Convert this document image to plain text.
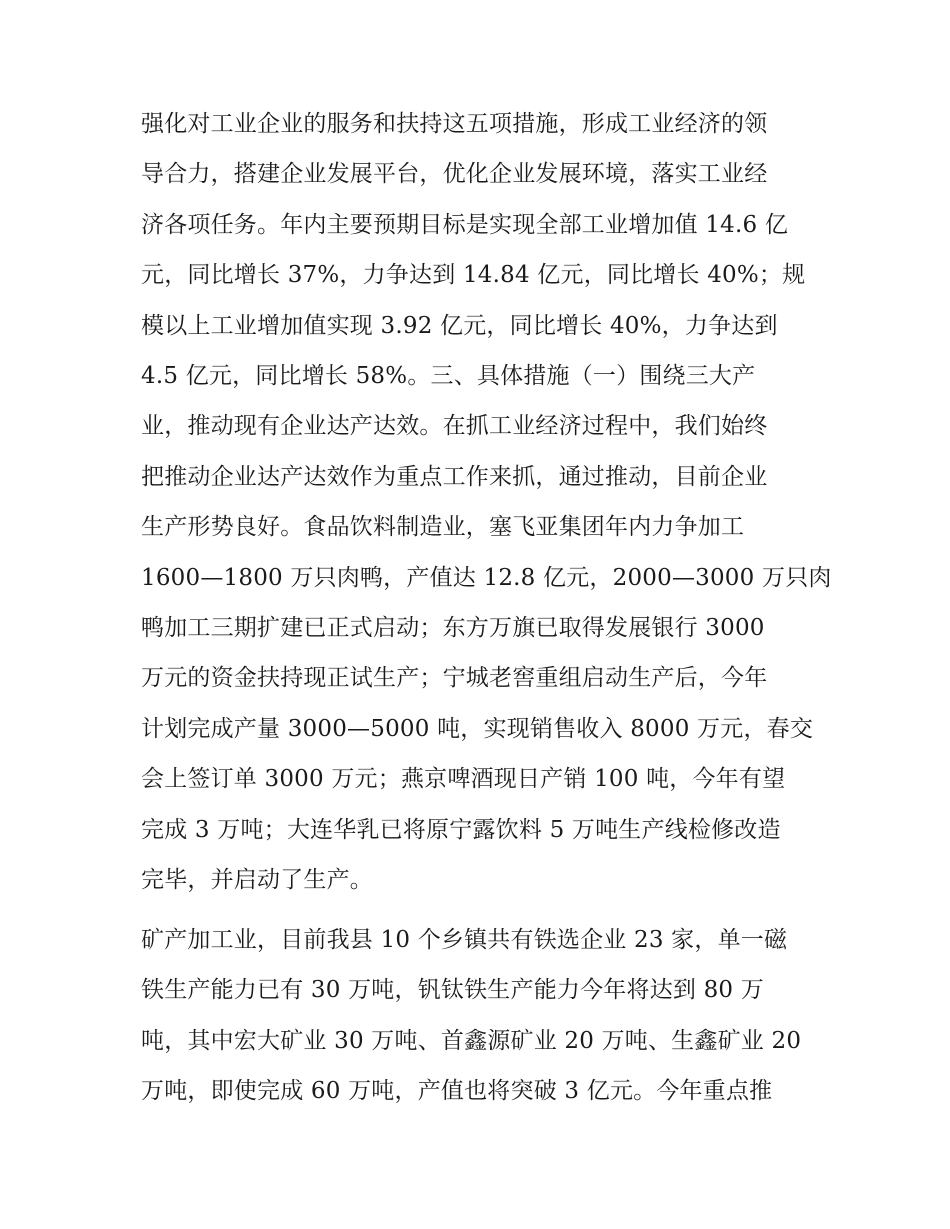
强化对工业企业的服务和扶持这五项措施，形成工业经济的领
导合力，搭建企业发展平台，优化企业发展环境，落实工业经
济各项任务。年内主要预期目标是实现全部工业增加值 14.6 亿
元，同比增长 37%，力争达到 14.84 亿元，同比增长 40%；规
模以上工业增加值实现 3.92 亿元，同比增长 40%，力争达到
4.5 亿元，同比增长 58%。三、具体措施（一）围绕三大产
业，推动现有企业达产达效。在抓工业经济过程中，我们始终
把推动企业达产达效作为重点工作来抓，通过推动，目前企业
生产形势良好。食品饮料制造业，塞飞亚集团年内力争加工
1600—1800 万只肉鸭，产值达 12.8 亿元，2000—3000 万只肉
鸭加工三期扩建已正式启动；东方万旗已取得发展银行 3000
万元的资金扶持现正试生产；宁城老窖重组启动生产后，今年
计划完成产量 3000—5000 吨，实现销售收入 8000 万元，春交
会上签订单 3000 万元；燕京啤酒现日产销 100 吨，今年有望
完成 3 万吨；大连华乳已将原宁露饮料 5 万吨生产线检修改造
完毕，并启动了生产。
矿产加工业，目前我县 10 个乡镇共有铁选企业 23 家，单一磁
铁生产能力已有 30 万吨，钒钛铁生产能力今年将达到 80 万
吨，其中宏大矿业 30 万吨、首鑫源矿业 20 万吨、生鑫矿业 20
万吨，即使完成 60 万吨，产值也将突破 3 亿元。今年重点推
